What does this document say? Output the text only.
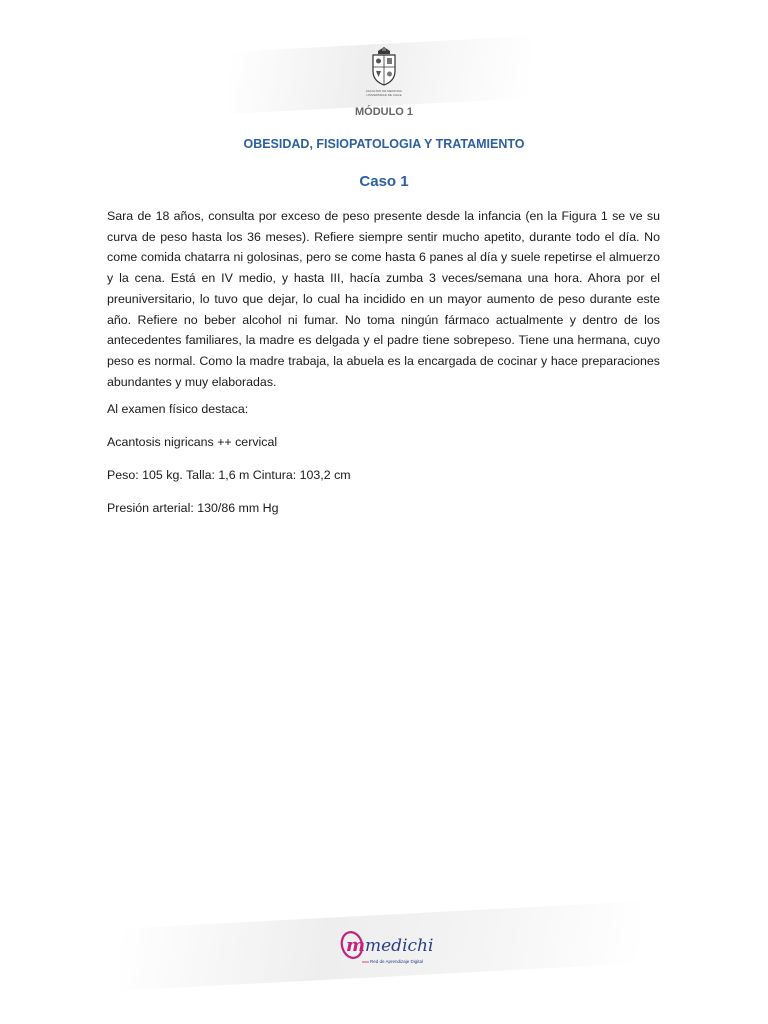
FACULTAD DE MEDICINA
UNIVERSIDAD DE CHILE
MÓDULO 1
OBESIDAD, FISIOPATOLOGIA Y TRATAMIENTO
Caso 1
Sara de 18 años, consulta por exceso de peso presente desde la infancia (en la Figura 1 se ve su curva de peso hasta los 36 meses). Refiere siempre sentir mucho apetito, durante todo el día. No come comida chatarra ni golosinas, pero se come hasta 6 panes al día y suele repetirse el almuerzo y la cena. Está en IV medio, y hasta III, hacía zumba 3 veces/semana una hora. Ahora por el preuniversitario, lo tuvo que dejar, lo cual ha incidido en un mayor aumento de peso durante este año. Refiere no beber alcohol ni fumar. No toma ningún fármaco actualmente y dentro de los antecedentes familiares, la madre es delgada y el padre tiene sobrepeso. Tiene una hermana, cuyo peso es normal. Como la madre trabaja, la abuela es la encargada de cocinar y hace preparaciones abundantes y muy elaboradas.
Al examen físico destaca:
Acantosis nigricans ++ cervical
Peso: 105 kg. Talla: 1,6 m Cintura: 103,2 cm
Presión arterial: 130/86 mm Hg
m medichi
Red de Aprendizaje Digital
